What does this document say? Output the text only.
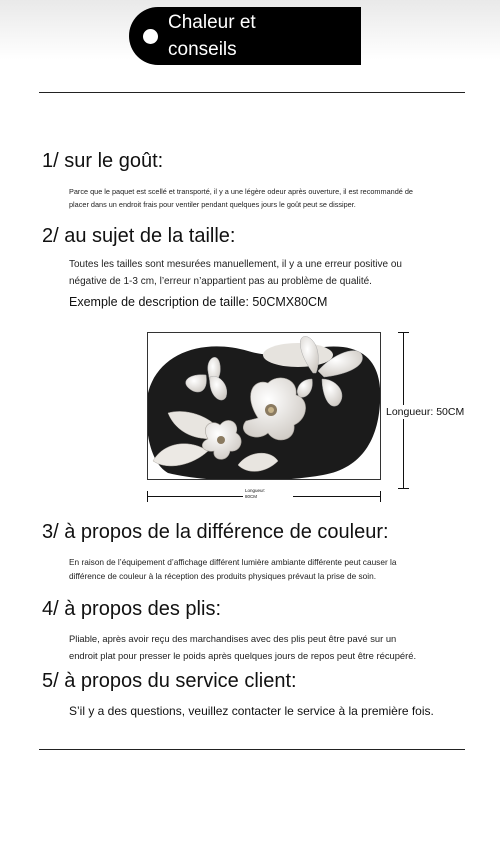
Chaleur et
conseils
1/ sur le goût:
Parce que le paquet est scellé et transporté, il y a une légère odeur après ouverture, il est recommandé de
placer dans un endroit frais pour ventiler pendant quelques jours le goût peut se dissiper.
2/ au sujet de la taille:
Toutes les tailles sont mesurées manuellement, il y a une erreur positive ou
négative de 1-3 cm, l’erreur n’appartient pas au problème de qualité.
Exemple de description de taille: 50CMX80CM
Longueur: 50CM
Longueur:
80CM
3/ à propos de la différence de couleur:
En raison de l’équipement d’affichage différent lumière ambiante différente peut causer la
différence de couleur à la réception des produits physiques prévaut la prise de soin.
4/ à propos des plis:
Pliable, après avoir reçu des marchandises avec des plis peut être pavé sur un
endroit plat pour presser le poids après quelques jours de repos peut être récupéré.
5/ à propos du service client:
S’il y a des questions, veuillez contacter le service à la première fois.
